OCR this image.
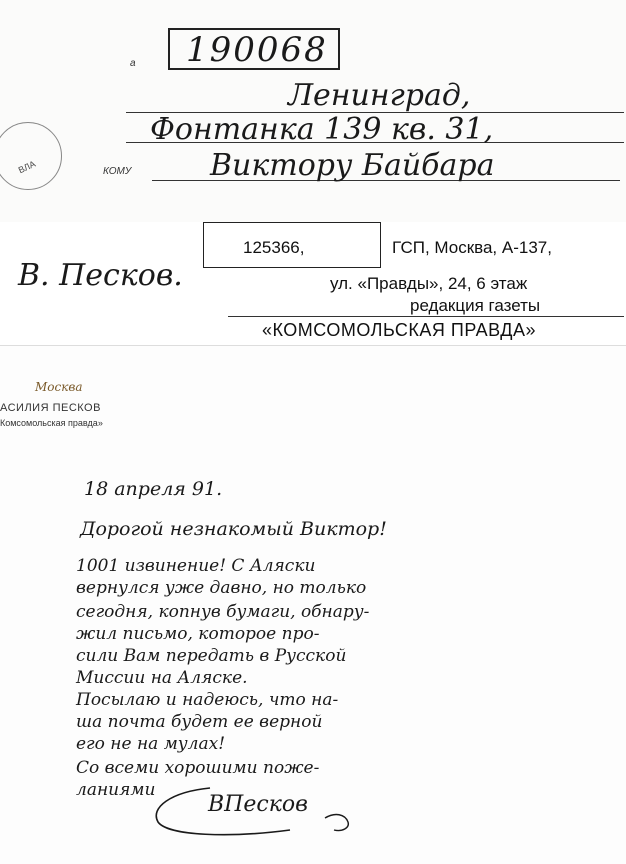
ВЛА
а 190068
Ленинград,
Фонтанка 139 кв. 31,
КОМУ	Виктору Байбара
125366,	ГСП, Москва, А-137,
ул. «Правды», 24, 6 этаж
редакция газеты
«КОМСОМОЛЬСКАЯ ПРАВДА»
В. Песков.
Москва
АСИЛИЯ ПЕСКОВ
Комсомольская правда»
18 апреля 91.
Дорогой незнакомый Виктор!
1001 извинение! С Аляски
вернулся уже давно, но только
сегодня, копнув бумаги, обнару-
жил письмо, которое про-
сили Вам передать в Русской
Миссии на Аляске.
Посылаю и надеюсь, что на-
ша почта будет ее верной
его не на мулах!
Со всеми хорошими поже-
ланиями
ВПесков
